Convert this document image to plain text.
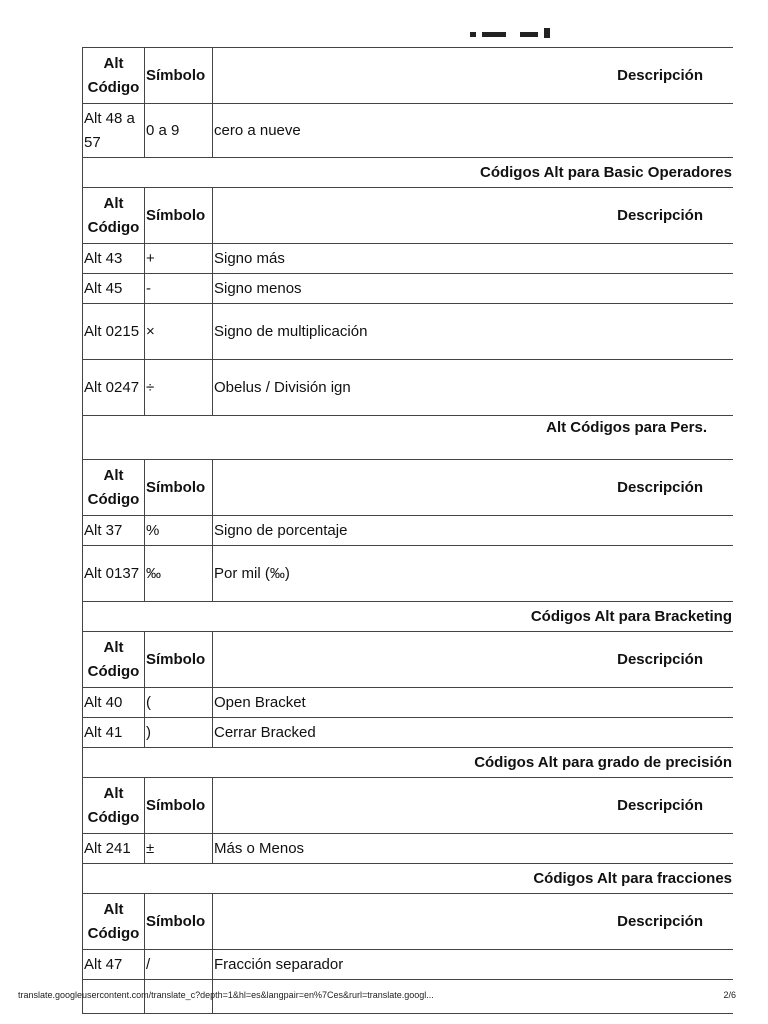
Alt Código	Símbolo	Descripción
Alt 48 a 57	0 a 9	cero a nueve
Códigos Alt para Basic Operadores		
Alt Código	Símbolo	Descripción
Alt 43	+	Signo más
Alt 45	-	Signo menos
Alt 0215	×	Signo de multiplicación
Alt 0247	÷	Obelus / División ign
Alt Códigos para Pers.		
Alt Código	Símbolo	Descripción
Alt 37	%	Signo de porcentaje
Alt 0137	‰	Por mil (‰)
Códigos Alt para Bracketing		
Alt Código	Símbolo	Descripción
Alt 40	(	Open Bracket
Alt 41	)	Cerrar Bracked
Códigos Alt para grado de precisión		
Alt Código	Símbolo	Descripción
Alt 241	±	Más o Menos
Códigos Alt para fracciones		
Alt Código	Símbolo	Descripción
Alt 47	/	Fracción separador

translate.googleusercontent.com/translate_c?depth=1&hl=es&langpair=en%7Ces&rurl=translate.googl...	2/6
